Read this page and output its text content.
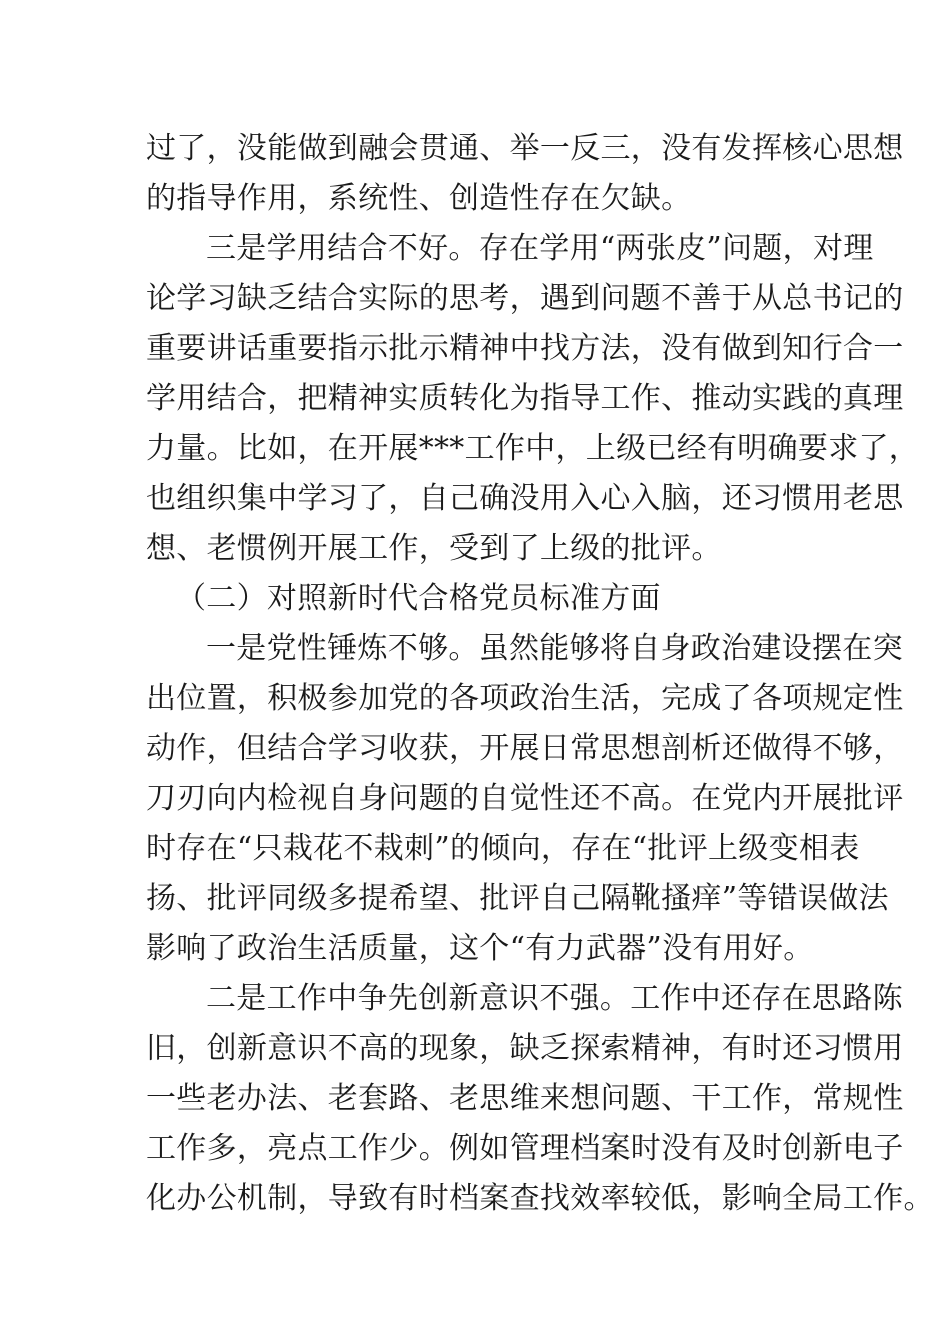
过了，没能做到融会贯通、举一反三，没有发挥核心思想
的指导作用，系统性、创造性存在欠缺。
三是学用结合不好。存在学用“两张皮”问题，对理
论学习缺乏结合实际的思考，遇到问题不善于从总书记的
重要讲话重要指示批示精神中找方法，没有做到知行合一
学用结合，把精神实质转化为指导工作、推动实践的真理
力量。比如，在开展***工作中，上级已经有明确要求了，
也组织集中学习了，自己确没用入心入脑，还习惯用老思
想、老惯例开展工作，受到了上级的批评。
（二）对照新时代合格党员标准方面
一是党性锤炼不够。虽然能够将自身政治建设摆在突
出位置，积极参加党的各项政治生活，完成了各项规定性
动作，但结合学习收获，开展日常思想剖析还做得不够，
刀刃向内检视自身问题的自觉性还不高。在党内开展批评
时存在“只栽花不栽刺”的倾向，存在“批评上级变相表
扬、批评同级多提希望、批评自己隔靴搔痒”等错误做法
影响了政治生活质量，这个“有力武器”没有用好。
二是工作中争先创新意识不强。工作中还存在思路陈
旧，创新意识不高的现象，缺乏探索精神，有时还习惯用
一些老办法、老套路、老思维来想问题、干工作，常规性
工作多，亮点工作少。例如管理档案时没有及时创新电子
化办公机制，导致有时档案查找效率较低，影响全局工作。
